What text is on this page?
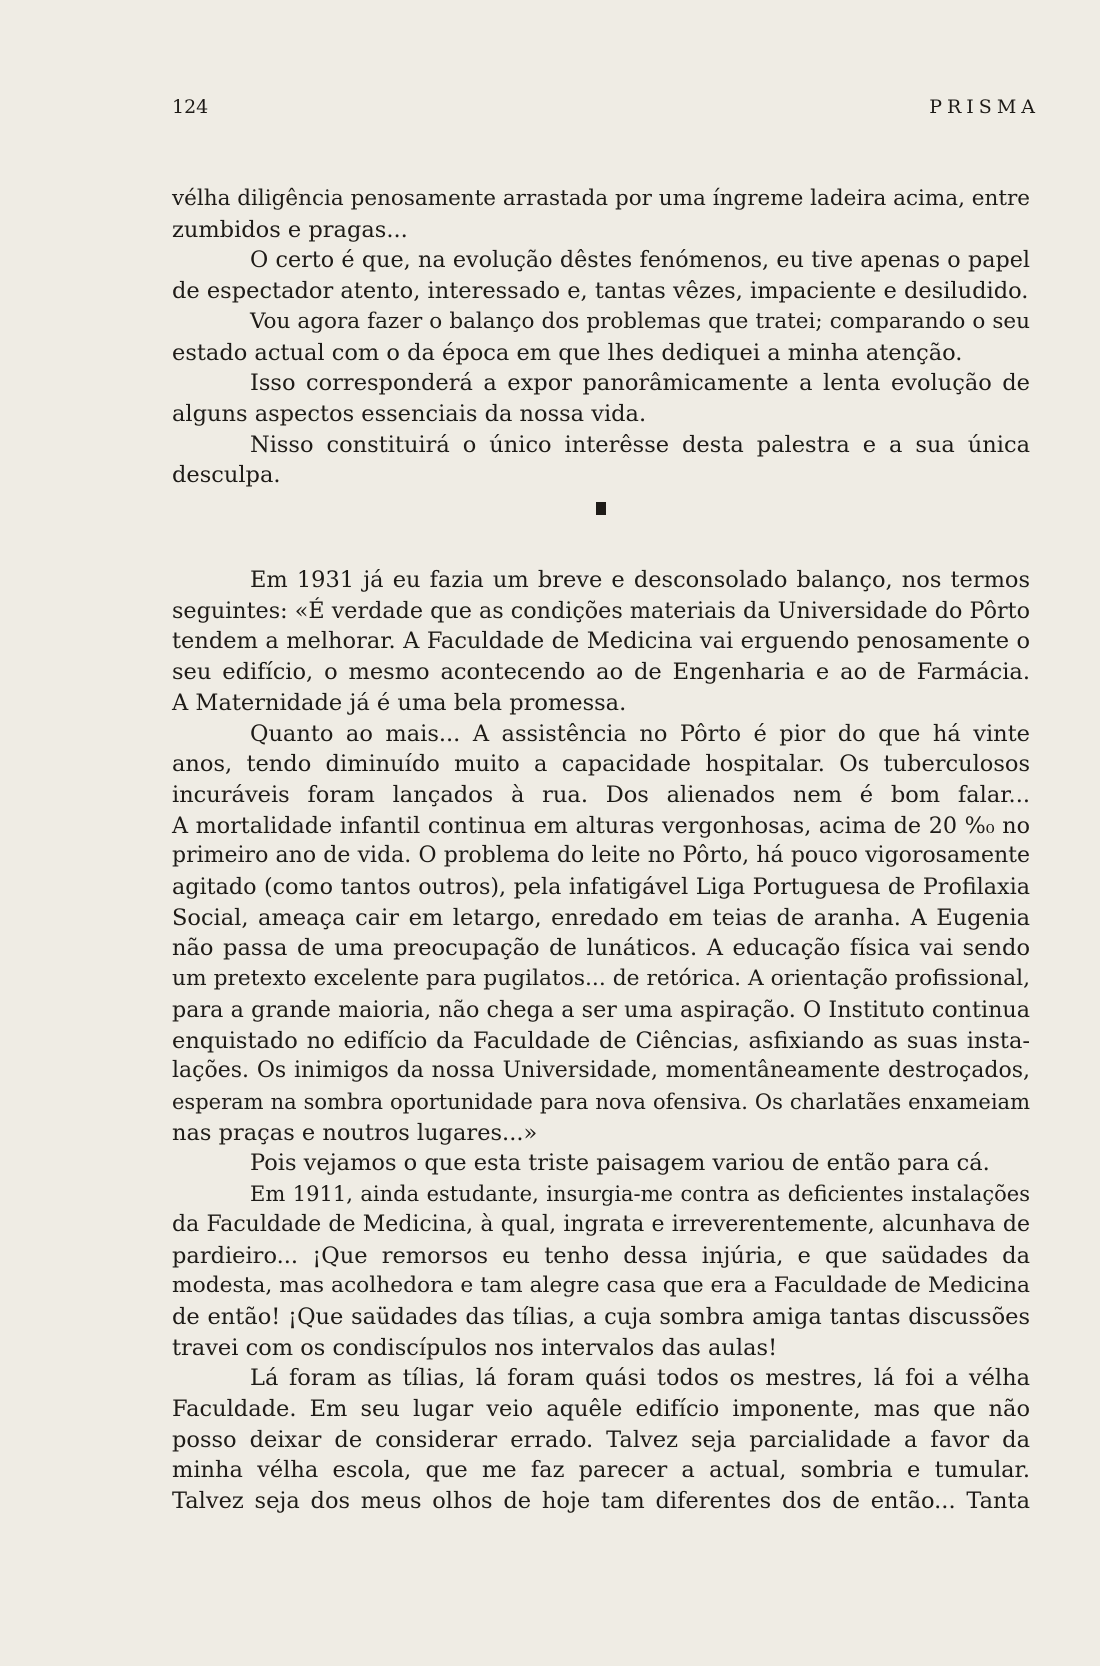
124	PRISMA

vélha diligência penosamente arrastada por uma íngreme ladeira acima, entre
zumbidos e pragas...

O certo é que, na evolução dêstes fenómenos, eu tive apenas o papel
de espectador atento, interessado e, tantas vêzes, impaciente e desiludido.

Vou agora fazer o balanço dos problemas que tratei; comparando o seu
estado actual com o da época em que lhes dediquei a minha atenção.

Isso corresponderá a expor panorâmicamente a lenta evolução de
alguns aspectos essenciais da nossa vida.

Nisso constituirá o único interêsse desta palestra e a sua única
desculpa.

Em 1931 já eu fazia um breve e desconsolado balanço, nos termos
seguintes: «É verdade que as condições materiais da Universidade do Pôrto
tendem a melhorar. A Faculdade de Medicina vai erguendo penosamente o
seu edifício, o mesmo acontecendo ao de Engenharia e ao de Farmácia.
A Maternidade já é uma bela promessa.

Quanto ao mais... A assistência no Pôrto é pior do que há vinte
anos, tendo diminuído muito a capacidade hospitalar. Os tuberculosos
incuráveis foram lançados à rua. Dos alienados nem é bom falar...
A mortalidade infantil continua em alturas vergonhosas, acima de 20 %₀ no
primeiro ano de vida. O problema do leite no Pôrto, há pouco vigorosamente
agitado (como tantos outros), pela infatigável Liga Portuguesa de Profilaxia
Social, ameaça cair em letargo, enredado em teias de aranha. A Eugenia
não passa de uma preocupação de lunáticos. A educação física vai sendo
um pretexto excelente para pugilatos... de retórica. A orientação profissional,
para a grande maioria, não chega a ser uma aspiração. O Instituto continua
enquistado no edifício da Faculdade de Ciências, asfixiando as suas insta-
lações. Os inimigos da nossa Universidade, momentâneamente destroçados,
esperam na sombra oportunidade para nova ofensiva. Os charlatães enxameiam
nas praças e noutros lugares...»

Pois vejamos o que esta triste paisagem variou de então para cá.

Em 1911, ainda estudante, insurgia-me contra as deficientes instalações
da Faculdade de Medicina, à qual, ingrata e irreverentemente, alcunhava de
pardieiro... ¡Que remorsos eu tenho dessa injúria, e que saüdades da
modesta, mas acolhedora e tam alegre casa que era a Faculdade de Medicina
de então! ¡Que saüdades das tílias, a cuja sombra amiga tantas discussões
travei com os condiscípulos nos intervalos das aulas!

Lá foram as tílias, lá foram quási todos os mestres, lá foi a vélha
Faculdade. Em seu lugar veio aquêle edifício imponente, mas que não
posso deixar de considerar errado. Talvez seja parcialidade a favor da
minha vélha escola, que me faz parecer a actual, sombria e tumular.
Talvez seja dos meus olhos de hoje tam diferentes dos de então... Tanta
